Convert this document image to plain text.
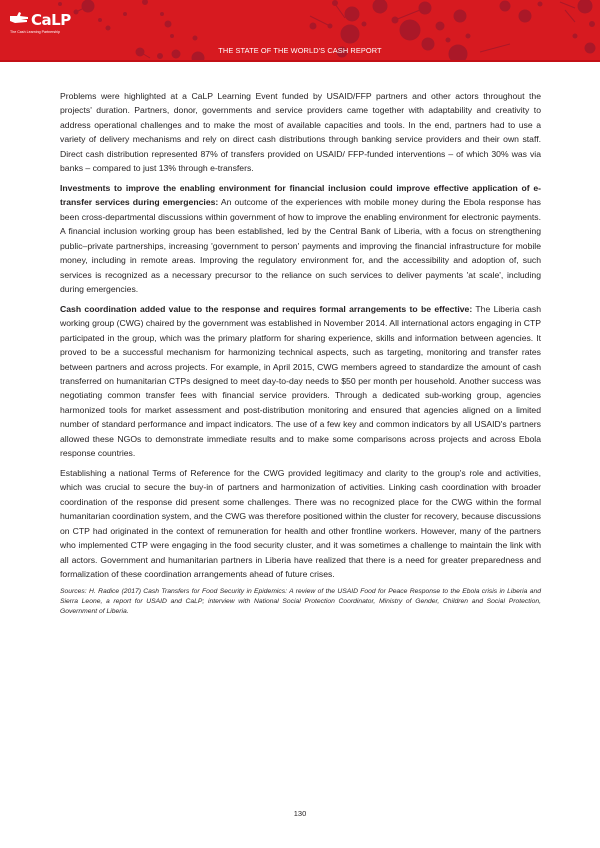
CaLP
The Cash Learning Partnership
THE STATE OF THE WORLD'S CASH REPORT

Problems were highlighted at a CaLP Learning Event funded by USAID/FFP partners and other actors throughout the projects' duration. Partners, donor, governments and service providers came together with adaptability and creativity to address operational challenges and to make the most of available capacities and tools. In the end, partners had to use a variety of delivery mechanisms and rely on direct cash distributions through banking service providers and their own staff. Direct cash distribution represented 87% of transfers provided on USAID/ FFP-funded interventions – of which 30% was via banks – compared to just 13% through e-transfers.

Investments to improve the enabling environment for financial inclusion could improve effective application of e-transfer services during emergencies: An outcome of the experiences with mobile money during the Ebola response has been cross-departmental discussions within government of how to improve the enabling environment for electronic payments. A financial inclusion working group has been established, led by the Central Bank of Liberia, with a focus on strengthening public–private partnerships, increasing 'government to person' payments and improving the financial infrastructure for mobile money, including in remote areas. Improving the regulatory environment for, and the accessibility and adoption of, such services is recognized as a necessary precursor to the reliance on such services to deliver payments 'at scale', including during emergencies.

Cash coordination added value to the response and requires formal arrangements to be effective: The Liberia cash working group (CWG) chaired by the government was established in November 2014. All international actors engaging in CTP participated in the group, which was the primary platform for sharing experience, skills and information between agencies. It proved to be a successful mechanism for harmonizing technical aspects, such as targeting, monitoring and transfer rates between partners and across projects. For example, in April 2015, CWG members agreed to standardize the amount of cash transferred on humanitarian CTPs designed to meet day-to-day needs to $50 per month per household. Another success was negotiating common transfer fees with financial service providers. Through a dedicated sub-working group, agencies harmonized tools for market assessment and post-distribution monitoring and ensured that agencies aligned on a limited number of standard performance and impact indicators. The use of a few key and common indicators by all USAID's partners allowed these NGOs to demonstrate immediate results and to make some comparisons across projects and across Ebola response countries.

Establishing a national Terms of Reference for the CWG provided legitimacy and clarity to the group's role and activities, which was crucial to secure the buy-in of partners and harmonization of activities. Linking cash coordination with broader coordination of the response did present some challenges. There was no recognized place for the CWG within the formal humanitarian coordination system, and the CWG was therefore positioned within the cluster for recovery, because discussions on CTP had originated in the context of remuneration for health and other frontline workers. However, many of the partners who implemented CTP were engaging in the food security cluster, and it was sometimes a challenge to maintain the link with all actors. Government and humanitarian partners in Liberia have realized that there is a need for greater preparedness and formalization of these coordination arrangements ahead of future crises.

Sources: H. Radice (2017) Cash Transfers for Food Security in Epidemics: A review of the USAID Food for Peace Response to the Ebola crisis in Liberia and Sierra Leone, a report for USAID and CaLP; interview with National Social Protection Coordinator, Ministry of Gender, Children and Social Protection, Government of Liberia.
130
